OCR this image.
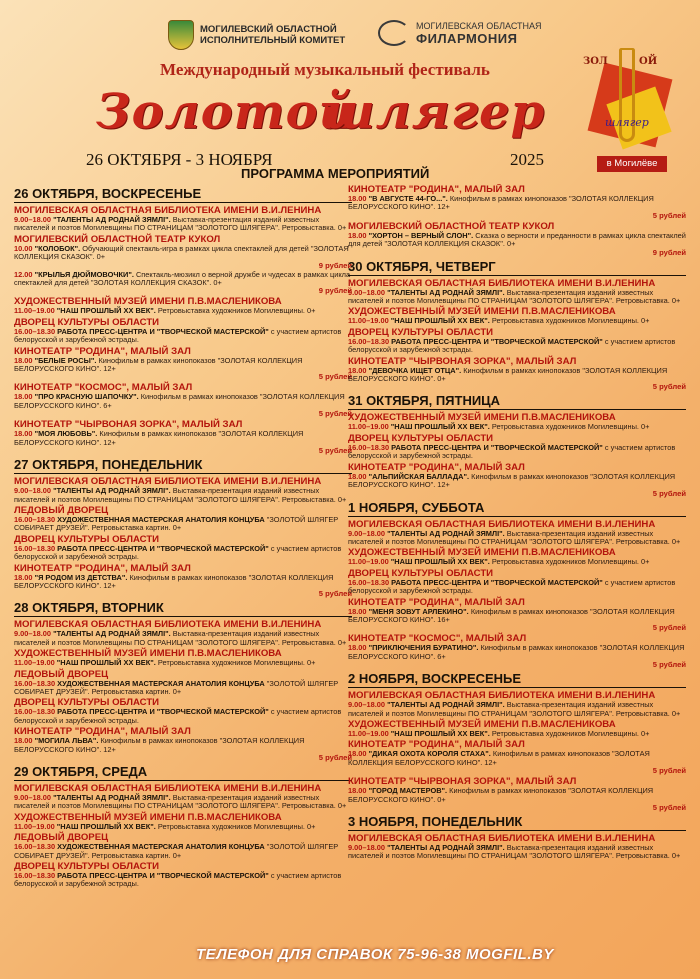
МОГИЛЕВСКИЙ ОБЛАСТНОЙ
ИСПОЛНИТЕЛЬНЫЙ КОМИТЕТ
МОГИЛЕВСКАЯ ОБЛАСТНАЯ
ФИЛАРМОНИЯ
Международный музыкальный фестиваль
Золотой
шлягер
26 ОКТЯБРЯ - 3 НОЯБРЯ	2025
ПРОГРАММА МЕРОПРИЯТИЙ
ЗОЛ	ОЙ
шлягер
в Могилёве
26 ОКТЯБРЯ, ВОСКРЕСЕНЬЕ
МОГИЛЕВСКАЯ ОБЛАСТНАЯ БИБЛИОТЕКА ИМЕНИ В.И.ЛЕНИНА
9.00–18.00 "ТАЛЕНТЫ АД РОДНАЙ ЗЯМЛІ". Выставка-презентация изданий известных писателей и поэтов Могилевщины ПО СТРАНИЦАМ "ЗОЛОТОГО ШЛЯГЕРА". Ретровыставка. 0+
МОГИЛЕВСКИЙ ОБЛАСТНОЙ ТЕАТР КУКОЛ
10.00 "КОЛОБОК". Обучающий спектакль-игра в рамках цикла спектаклей для детей "ЗОЛОТАЯ КОЛЛЕКЦИЯ СКАЗОК". 0+
9 рублей
12.00 "КРЫЛЬЯ ДЮЙМОВОЧКИ". Спектакль-мюзикл о верной дружбе и чудесах в рамках цикла спектаклей для детей "ЗОЛОТАЯ КОЛЛЕКЦИЯ СКАЗОК". 0+
9 рублей
ХУДОЖЕСТВЕННЫЙ МУЗЕЙ ИМЕНИ П.В.МАСЛЕНИКОВА
11.00–19.00 "НАШ ПРОШЛЫЙ XX ВЕК". Ретровыставка художников Могилевщины. 0+
ДВОРЕЦ КУЛЬТУРЫ ОБЛАСТИ
16.00–18.30 РАБОТА ПРЕСС-ЦЕНТРА И "ТВОРЧЕСКОЙ МАСТЕРСКОЙ" с участием артистов белорусской и зарубежной эстрады.
КИНОТЕАТР "РОДИНА", МАЛЫЙ ЗАЛ
18.00 "БЕЛЫЕ РОСЫ". Кинофильм в рамках кинопоказов "ЗОЛОТАЯ КОЛЛЕКЦИЯ БЕЛОРУССКОГО КИНО". 12+
5 рублей
КИНОТЕАТР "КОСМОС", МАЛЫЙ ЗАЛ
18.00 "ПРО КРАСНУЮ ШАПОЧКУ". Кинофильм в рамках кинопоказов "ЗОЛОТАЯ КОЛЛЕКЦИЯ БЕЛОРУССКОГО КИНО". 6+
5 рублей
КИНОТЕАТР "ЧЫРВОНАЯ ЗОРКА", МАЛЫЙ ЗАЛ
18.00 "МОЯ ЛЮБОВЬ". Кинофильм в рамках кинопоказов "ЗОЛОТАЯ КОЛЛЕКЦИЯ БЕЛОРУССКОГО КИНО". 12+
5 рублей
27 ОКТЯБРЯ, ПОНЕДЕЛЬНИК
МОГИЛЕВСКАЯ ОБЛАСТНАЯ БИБЛИОТЕКА ИМЕНИ В.И.ЛЕНИНА
9.00–18.00 "ТАЛЕНТЫ АД РОДНАЙ ЗЯМЛІ". Выставка-презентация изданий известных писателей и поэтов Могилевщины ПО СТРАНИЦАМ "ЗОЛОТОГО ШЛЯГЕРА". Ретровыставка. 0+
ЛЕДОВЫЙ ДВОРЕЦ
16.00–18.30 ХУДОЖЕСТВЕННАЯ МАСТЕРСКАЯ АНАТОЛИЯ КОНЦУБА "ЗОЛОТОЙ ШЛЯГЕР СОБИРАЕТ ДРУЗЕЙ". Ретровыставка картин. 0+
ДВОРЕЦ КУЛЬТУРЫ ОБЛАСТИ
16.00–18.30 РАБОТА ПРЕСС-ЦЕНТРА И "ТВОРЧЕСКОЙ МАСТЕРСКОЙ" с участием артистов белорусской и зарубежной эстрады.
КИНОТЕАТР "РОДИНА", МАЛЫЙ ЗАЛ
18.00 "Я РОДОМ ИЗ ДЕТСТВА". Кинофильм в рамках кинопоказов "ЗОЛОТАЯ КОЛЛЕКЦИЯ БЕЛОРУССКОГО КИНО". 12+
5 рублей
28 ОКТЯБРЯ, ВТОРНИК
МОГИЛЕВСКАЯ ОБЛАСТНАЯ БИБЛИОТЕКА ИМЕНИ В.И.ЛЕНИНА
9.00–18.00 "ТАЛЕНТЫ АД РОДНАЙ ЗЯМЛІ". Выставка-презентация изданий известных писателей и поэтов Могилевщины ПО СТРАНИЦАМ "ЗОЛОТОГО ШЛЯГЕРА". Ретровыставка. 0+
ХУДОЖЕСТВЕННЫЙ МУЗЕЙ ИМЕНИ П.В.МАСЛЕНИКОВА
11.00–19.00 "НАШ ПРОШЛЫЙ XX ВЕК". Ретровыставка художников Могилевщины. 0+
ЛЕДОВЫЙ ДВОРЕЦ
16.00–18.30 ХУДОЖЕСТВЕННАЯ МАСТЕРСКАЯ АНАТОЛИЯ КОНЦУБА "ЗОЛОТОЙ ШЛЯГЕР СОБИРАЕТ ДРУЗЕЙ". Ретровыставка картин. 0+
ДВОРЕЦ КУЛЬТУРЫ ОБЛАСТИ
16.00–18.30 РАБОТА ПРЕСС-ЦЕНТРА И "ТВОРЧЕСКОЙ МАСТЕРСКОЙ" с участием артистов белорусской и зарубежной эстрады.
КИНОТЕАТР "РОДИНА", МАЛЫЙ ЗАЛ
18.00 "МОГИЛА ЛЬВА". Кинофильм в рамках кинопоказов "ЗОЛОТАЯ КОЛЛЕКЦИЯ БЕЛОРУССКОГО КИНО". 12+
5 рублей
29 ОКТЯБРЯ, СРЕДА
МОГИЛЕВСКАЯ ОБЛАСТНАЯ БИБЛИОТЕКА ИМЕНИ В.И.ЛЕНИНА
9.00–18.00 "ТАЛЕНТЫ АД РОДНАЙ ЗЯМЛІ". Выставка-презентация изданий известных писателей и поэтов Могилевщины ПО СТРАНИЦАМ "ЗОЛОТОГО ШЛЯГЕРА". Ретровыставка. 0+
ХУДОЖЕСТВЕННЫЙ МУЗЕЙ ИМЕНИ П.В.МАСЛЕНИКОВА
11.00–19.00 "НАШ ПРОШЛЫЙ XX ВЕК". Ретровыставка художников Могилевщины. 0+
ЛЕДОВЫЙ ДВОРЕЦ
16.00–18.30 ХУДОЖЕСТВЕННАЯ МАСТЕРСКАЯ АНАТОЛИЯ КОНЦУБА "ЗОЛОТОЙ ШЛЯГЕР СОБИРАЕТ ДРУЗЕЙ". Ретровыставка картин. 0+
ДВОРЕЦ КУЛЬТУРЫ ОБЛАСТИ
16.00–18.30 РАБОТА ПРЕСС-ЦЕНТРА И "ТВОРЧЕСКОЙ МАСТЕРСКОЙ" с участием артистов белорусской и зарубежной эстрады.
КИНОТЕАТР "РОДИНА", МАЛЫЙ ЗАЛ
18.00 "В АВГУСТЕ 44-ГО...". Кинофильм в рамках кинопоказов "ЗОЛОТАЯ КОЛЛЕКЦИЯ БЕЛОРУССКОГО КИНО". 12+
5 рублей
МОГИЛЕВСКИЙ ОБЛАСТНОЙ ТЕАТР КУКОЛ
18.00 "ХОРТОН – ВЕРНЫЙ СЛОН". Сказка о верности и преданности в рамках цикла спектаклей для детей "ЗОЛОТАЯ КОЛЛЕКЦИЯ СКАЗОК". 0+
9 рублей
30 ОКТЯБРЯ, ЧЕТВЕРГ
МОГИЛЕВСКАЯ ОБЛАСТНАЯ БИБЛИОТЕКА ИМЕНИ В.И.ЛЕНИНА
9.00–18.00 "ТАЛЕНТЫ АД РОДНАЙ ЗЯМЛІ". Выставка-презентация изданий известных писателей и поэтов Могилевщины ПО СТРАНИЦАМ "ЗОЛОТОГО ШЛЯГЕРА". Ретровыставка. 0+
ХУДОЖЕСТВЕННЫЙ МУЗЕЙ ИМЕНИ П.В.МАСЛЕНИКОВА
11.00–19.00 "НАШ ПРОШЛЫЙ XX ВЕК". Ретровыставка художников Могилевщины. 0+
ДВОРЕЦ КУЛЬТУРЫ ОБЛАСТИ
16.00–18.30 РАБОТА ПРЕСС-ЦЕНТРА И "ТВОРЧЕСКОЙ МАСТЕРСКОЙ" с участием артистов белорусской и зарубежной эстрады.
КИНОТЕАТР "ЧЫРВОНАЯ ЗОРКА", МАЛЫЙ ЗАЛ
18.00 "ДЕВОЧКА ИЩЕТ ОТЦА". Кинофильм в рамках кинопоказов "ЗОЛОТАЯ КОЛЛЕКЦИЯ БЕЛОРУССКОГО КИНО". 0+
5 рублей
31 ОКТЯБРЯ, ПЯТНИЦА
ХУДОЖЕСТВЕННЫЙ МУЗЕЙ ИМЕНИ П.В.МАСЛЕНИКОВА
11.00–19.00 "НАШ ПРОШЛЫЙ XX ВЕК". Ретровыставка художников Могилевщины. 0+
ДВОРЕЦ КУЛЬТУРЫ ОБЛАСТИ
16.00–18.30 РАБОТА ПРЕСС-ЦЕНТРА И "ТВОРЧЕСКОЙ МАСТЕРСКОЙ" с участием артистов белорусской и зарубежной эстрады.
КИНОТЕАТР "РОДИНА", МАЛЫЙ ЗАЛ
18.00 "АЛЬПИЙСКАЯ БАЛЛАДА". Кинофильм в рамках кинопоказов "ЗОЛОТАЯ КОЛЛЕКЦИЯ БЕЛОРУССКОГО КИНО". 12+
5 рублей
1 НОЯБРЯ, СУББОТА
МОГИЛЕВСКАЯ ОБЛАСТНАЯ БИБЛИОТЕКА ИМЕНИ В.И.ЛЕНИНА
9.00–18.00 "ТАЛЕНТЫ АД РОДНАЙ ЗЯМЛІ". Выставка-презентация изданий известных писателей и поэтов Могилевщины ПО СТРАНИЦАМ "ЗОЛОТОГО ШЛЯГЕРА". Ретровыставка. 0+
ХУДОЖЕСТВЕННЫЙ МУЗЕЙ ИМЕНИ П.В.МАСЛЕНИКОВА
11.00–19.00 "НАШ ПРОШЛЫЙ XX ВЕК". Ретровыставка художников Могилевщины. 0+
ДВОРЕЦ КУЛЬТУРЫ ОБЛАСТИ
16.00–18.30 РАБОТА ПРЕСС-ЦЕНТРА И "ТВОРЧЕСКОЙ МАСТЕРСКОЙ" с участием артистов белорусской и зарубежной эстрады.
КИНОТЕАТР "РОДИНА", МАЛЫЙ ЗАЛ
18.00 "МЕНЯ ЗОВУТ АРЛЕКИНО". Кинофильм в рамках кинопоказов "ЗОЛОТАЯ КОЛЛЕКЦИЯ БЕЛОРУССКОГО КИНО". 16+
5 рублей
КИНОТЕАТР "КОСМОС", МАЛЫЙ ЗАЛ
18.00 "ПРИКЛЮЧЕНИЯ БУРАТИНО". Кинофильм в рамках кинопоказов "ЗОЛОТАЯ КОЛЛЕКЦИЯ БЕЛОРУССКОГО КИНО". 6+
5 рублей
2 НОЯБРЯ, ВОСКРЕСЕНЬЕ
МОГИЛЕВСКАЯ ОБЛАСТНАЯ БИБЛИОТЕКА ИМЕНИ В.И.ЛЕНИНА
9.00–18.00 "ТАЛЕНТЫ АД РОДНАЙ ЗЯМЛІ". Выставка-презентация изданий известных писателей и поэтов Могилевщины ПО СТРАНИЦАМ "ЗОЛОТОГО ШЛЯГЕРА". Ретровыставка. 0+
ХУДОЖЕСТВЕННЫЙ МУЗЕЙ ИМЕНИ П.В.МАСЛЕНИКОВА
11.00–19.00 "НАШ ПРОШЛЫЙ XX ВЕК". Ретровыставка художников Могилевщины. 0+
КИНОТЕАТР "РОДИНА", МАЛЫЙ ЗАЛ
18.00 "ДИКАЯ ОХОТА КОРОЛЯ СТАХА". Кинофильм в рамках кинопоказов "ЗОЛОТАЯ КОЛЛЕКЦИЯ БЕЛОРУССКОГО КИНО". 12+
5 рублей
КИНОТЕАТР "ЧЫРВОНАЯ ЗОРКА", МАЛЫЙ ЗАЛ
18.00 "ГОРОД МАСТЕРОВ". Кинофильм в рамках кинопоказов "ЗОЛОТАЯ КОЛЛЕКЦИЯ БЕЛОРУССКОГО КИНО". 0+
5 рублей
3 НОЯБРЯ, ПОНЕДЕЛЬНИК
МОГИЛЕВСКАЯ ОБЛАСТНАЯ БИБЛИОТЕКА ИМЕНИ В.И.ЛЕНИНА
9.00–18.00 "ТАЛЕНТЫ АД РОДНАЙ ЗЯМЛІ". Выставка-презентация изданий известных писателей и поэтов Могилевщины ПО СТРАНИЦАМ "ЗОЛОТОГО ШЛЯГЕРА". Ретровыставка. 0+
ТЕЛЕФОН ДЛЯ СПРАВОК 75-96-38 MOGFIL.BY
